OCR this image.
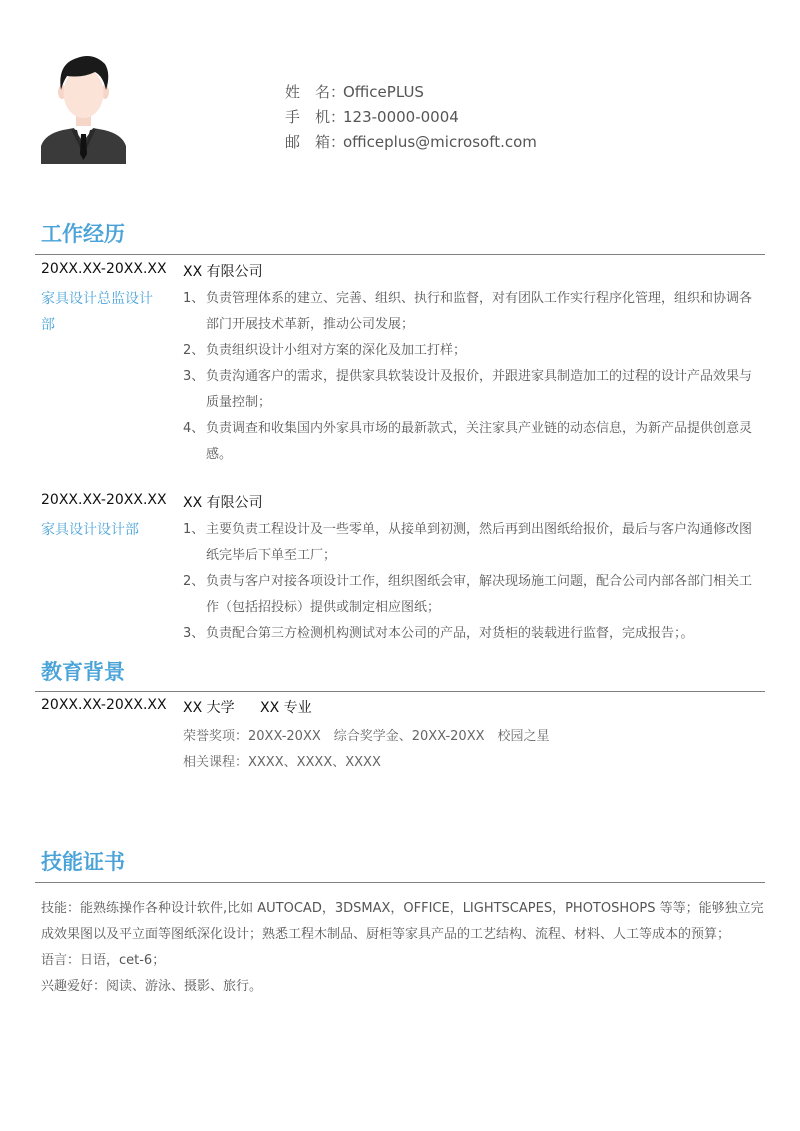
姓　名：OfficePLUS
手　机：123-0000-0004
邮　箱：officeplus@microsoft.com
工作经历
20XX.XX-20XX.XX XX 有限公司
家具设计总监设计部
1、 负责管理体系的建立、完善、组织、执行和监督，对有团队工作实行程序化管理，组织和协调各部门开展技术革新，推动公司发展；
2、 负责组织设计小组对方案的深化及加工打样；
3、 负责沟通客户的需求，提供家具软装设计及报价，并跟进家具制造加工的过程的设计产品效果与质量控制；
4、 负责调查和收集国内外家具市场的最新款式，关注家具产业链的动态信息，为新产品提供创意灵感。
20XX.XX-20XX.XX XX 有限公司
家具设计设计部	1、 主要负责工程设计及一些零单，从接单到初测，然后再到出图纸给报价，最后与客户沟通修改图纸完毕后下单至工厂；
2、 负责与客户对接各项设计工作，组织图纸会审，解决现场施工问题，配合公司内部各部门相关工作（包括招投标）提供或制定相应图纸；
3、 负责配合第三方检测机构测试对本公司的产品，对货柜的装载进行监督，完成报告；。
教育背景
20XX.XX-20XX.XX XX 大学 XX 专业
荣誉奖项：20XX-20XX　综合奖学金、20XX-20XX　校园之星
相关课程：XXXX、XXXX、XXXX
技能证书

技能：能熟练操作各种设计软件,比如 AUTOCAD，3DSMAX，OFFICE，LIGHTSCAPES，PHOTOSHOPS 等等；能够独立完成效果图以及平立面等图纸深化设计；熟悉工程木制品、厨柜等家具产品的工艺结构、流程、材料、人工等成本的预算；

语言：日语，cet-6；

兴趣爱好：阅读、游泳、摄影、旅行。
